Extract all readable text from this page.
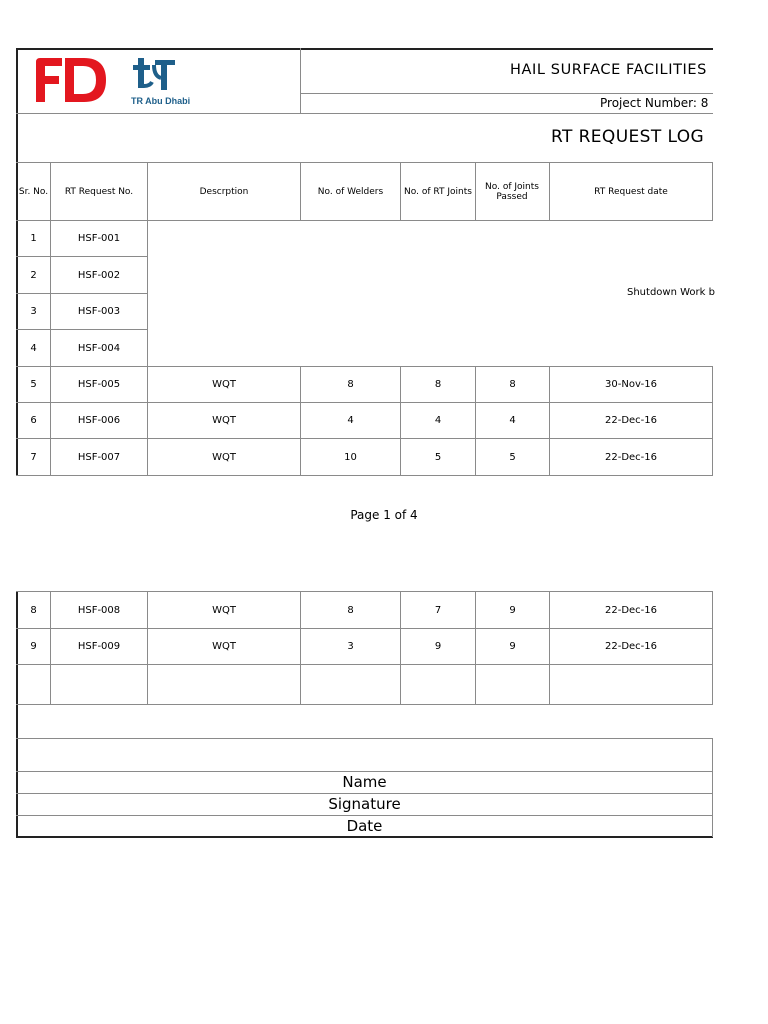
TR Abu Dhabi
HAIL SURFACE FACILITIES
Project Number: 8
RT REQUEST LOG
Sr. No.	RT Request No.	Descrption	No. of Welders	No. of RT Joints	No. of Joints Passed	RT Request date
1	HSF-001
2	HSF-002
3	HSF-003
4	HSF-004
Shutdown Work b
5	HSF-005	WQT	8	8	8	30-Nov-16
6	HSF-006	WQT	4	4	4	22-Dec-16
7	HSF-007	WQT	10	5	5	22-Dec-16
Page 1 of 4
8	HSF-008	WQT	8	7	9	22-Dec-16
9	HSF-009	WQT	3	9	9	22-Dec-16
Name
Signature
Date
